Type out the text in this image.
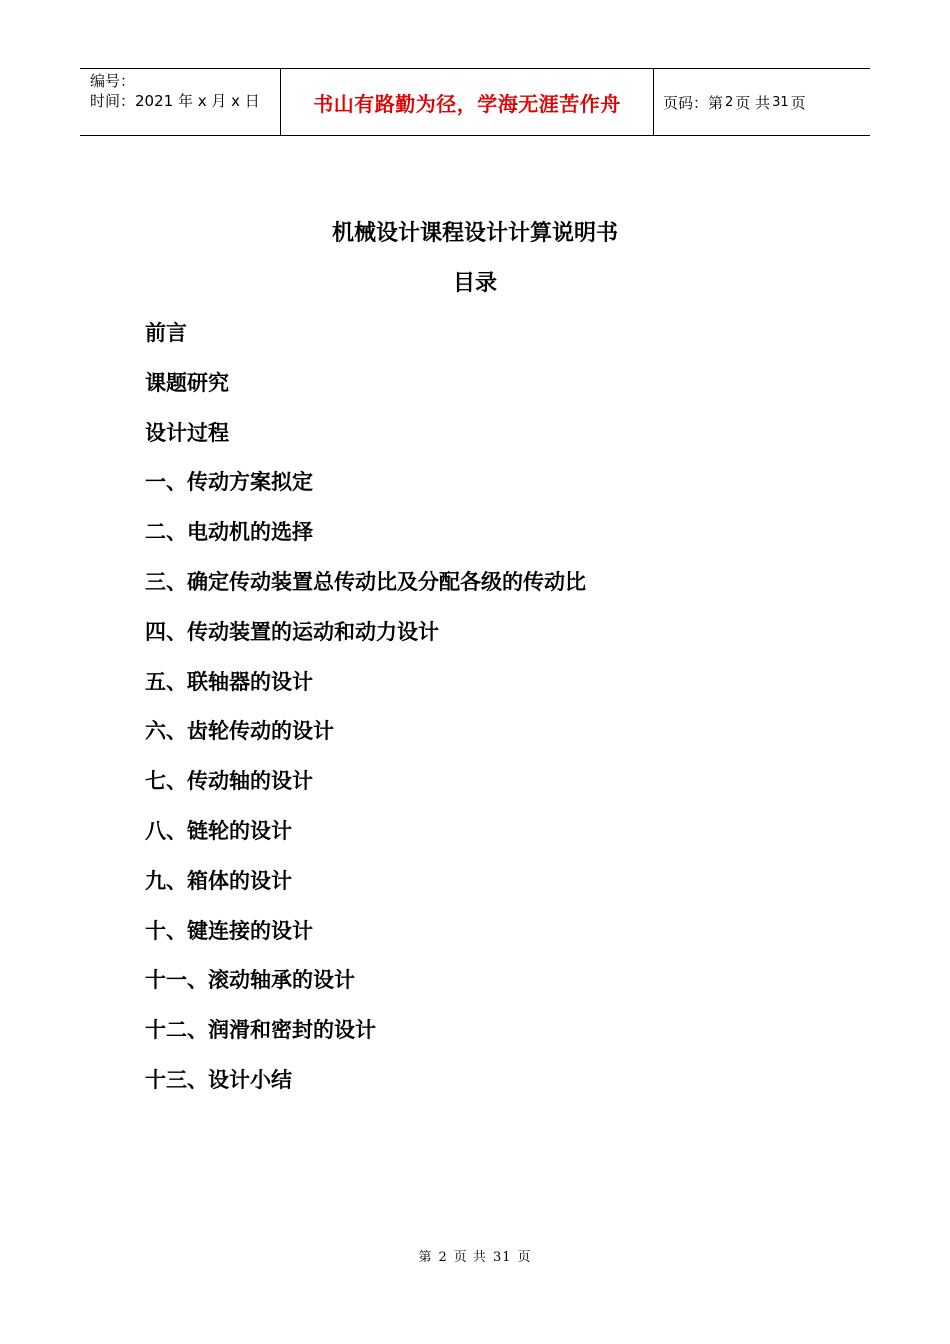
编号：
时间：2021 年 x 月 x 日	书山有路勤为径，学海无涯苦作舟	页码：第 2 页 共 31 页
机械设计课程设计计算说明书
目录
前言
课题研究
设计过程
一、传动方案拟定
二、电动机的选择
三、确定传动装置总传动比及分配各级的传动比
四、传动装置的运动和动力设计
五、联轴器的设计
六、齿轮传动的设计
七、传动轴的设计
八、链轮的设计
九、箱体的设计
十、键连接的设计
十一、滚动轴承的设计
十二、润滑和密封的设计
十三、设计小结
第 2 页 共 31 页
